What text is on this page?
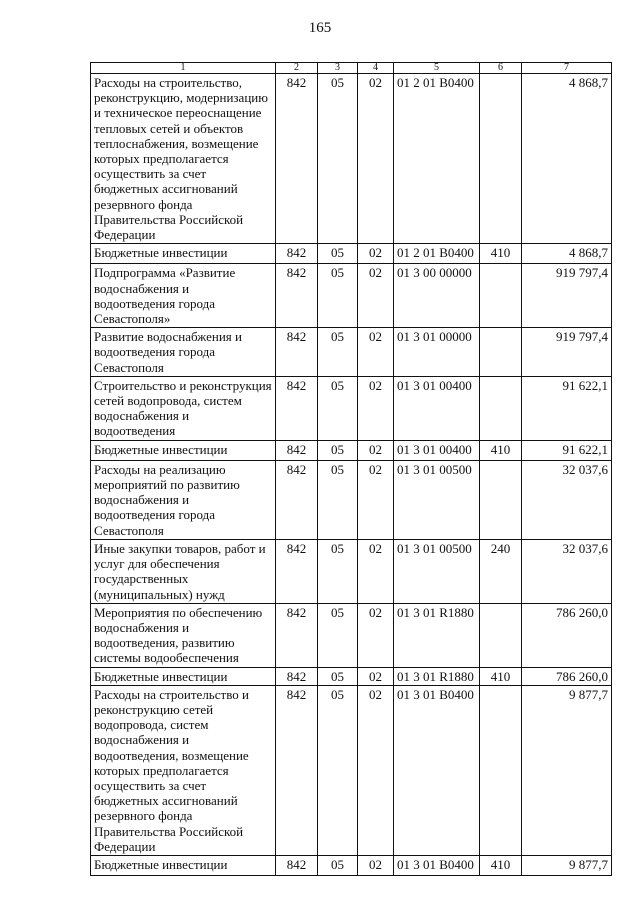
165
1	2	3	4	5	6	7
Расходы на строительство, реконструкцию, модернизацию и техническое переоснащение тепловых сетей и объектов теплоснабжения, возмещение которых предполагается осуществить за счет бюджетных ассигнований резервного фонда Правительства Российской Федерации	842	05	02	01 2 01 B0400		4 868,7
Бюджетные инвестиции	842	05	02	01 2 01 B0400	410	4 868,7
Подпрограмма «Развитие водоснабжения и водоотведения города Севастополя»	842	05	02	01 3 00 00000		919 797,4
Развитие водоснабжения и водоотведения города Севастополя	842	05	02	01 3 01 00000		919 797,4
Строительство и реконструкция сетей водопровода, систем водоснабжения и водоотведения	842	05	02	01 3 01 00400		91 622,1
Бюджетные инвестиции	842	05	02	01 3 01 00400	410	91 622,1
Расходы на реализацию мероприятий по развитию водоснабжения и водоотведения города Севастополя	842	05	02	01 3 01 00500		32 037,6
Иные закупки товаров, работ и услуг для обеспечения государственных (муниципальных) нужд	842	05	02	01 3 01 00500	240	32 037,6
Мероприятия по обеспечению водоснабжения и водоотведения, развитию системы водообеспечения	842	05	02	01 3 01 R1880		786 260,0
Бюджетные инвестиции	842	05	02	01 3 01 R1880	410	786 260,0
Расходы на строительство и реконструкцию сетей водопровода, систем водоснабжения и водоотведения, возмещение которых предполагается осуществить за счет бюджетных ассигнований резервного фонда Правительства Российской Федерации	842	05	02	01 3 01 B0400		9 877,7
Бюджетные инвестиции	842	05	02	01 3 01 B0400	410	9 877,7
